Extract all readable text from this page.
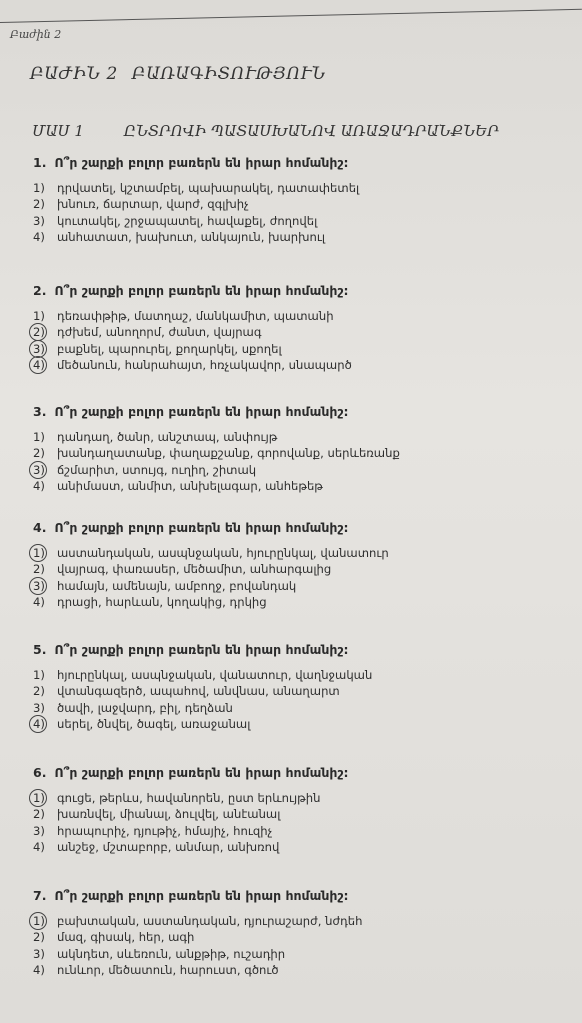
Բաժին 2
ԲԱԺԻՆ 2 ԲԱՌԱԳԻՏՈՒԹՅՈՒՆ
ՄԱՍ 1	ԸՆՏՐՈՎԻ ՊԱՏԱՍԽԱՆՈՎ ԱՌԱՋԱԴՐԱՆՔՆԵՐ
1. Ո՞ր շարքի բոլոր բառերն են իրար հոմանիշ:
1) դրվատել, կշտամբել, պախարակել, դատափետել
2) խնուռ, ճարտար, վարժ, զգլխիչ
3) կուտակել, շրջապատել, հավաքել, ժողովել
4) անհատատ, խախուտ, անկայուն, խարխուլ
2. Ո՞ր շարքի բոլոր բառերն են իրար հոմանիշ:
1) դեռափթիթ, մատղաշ, մանկամիտ, պատանի
2) դժխեմ, անողորմ, ժանտ, վայրագ
3) բաքնել, պարուրել, քողարկել, սքողել
4) մեծանուն, հանրահայտ, հռչակավոր, սնապարծ
3. Ո՞ր շարքի բոլոր բառերն են իրար հոմանիշ:
1) դանդաղ, ծանր, անշտապ, անփույթ
2) խանդաղատանք, փաղաքշանք, գորովանք, սերևեռանք
3) ճշմարիտ, ստույգ, ուղիղ, շիտակ
4) անիմաստ, անմիտ, անխելագար, անհեթեթ
4. Ո՞ր շարքի բոլոր բառերն են իրար հոմանիշ:
1) աստանդական, ասպնջական, հյուրընկալ, վանատուր
2) վայրագ, փառասեր, մեծամիտ, անհարգալից
3) համայն, ամենայն, ամբողջ, բովանդակ
4) դրացի, հարևան, կողակից, դրկից
5. Ո՞ր շարքի բոլոր բառերն են իրար հոմանիշ:
1) հյուրընկալ, ասպնջական, վանատուր, վաղնջական
2) վտանգազերծ, ապահով, անվնաս, անաղարտ
3) ծավի, լաջվարդ, բիլ, դեղձան
4) սերել, ծնվել, ծագել, առաջանալ
6. Ո՞ր շարքի բոլոր բառերն են իրար հոմանիշ:
1) գուցե, թերևս, հավանորեն, ըստ երևույթին
2) խառնվել, միանալ, ձուլվել, անէանալ
3) հրապուրիչ, դյութիչ, հմայիչ, հուզիչ
4) անշեջ, մշտաբորբ, անմար, անխռով
7. Ո՞ր շարքի բոլոր բառերն են իրար հոմանիշ:
1) բախտական, աստանդական, դյուրաշարժ, նժդեհ
2) մազ, գիսակ, հեր, ագի
3) ակնդետ, սևեռուն, անքթիթ, ուշադիր
4) ունևոր, մեծատուն, հարուստ, գծուծ
